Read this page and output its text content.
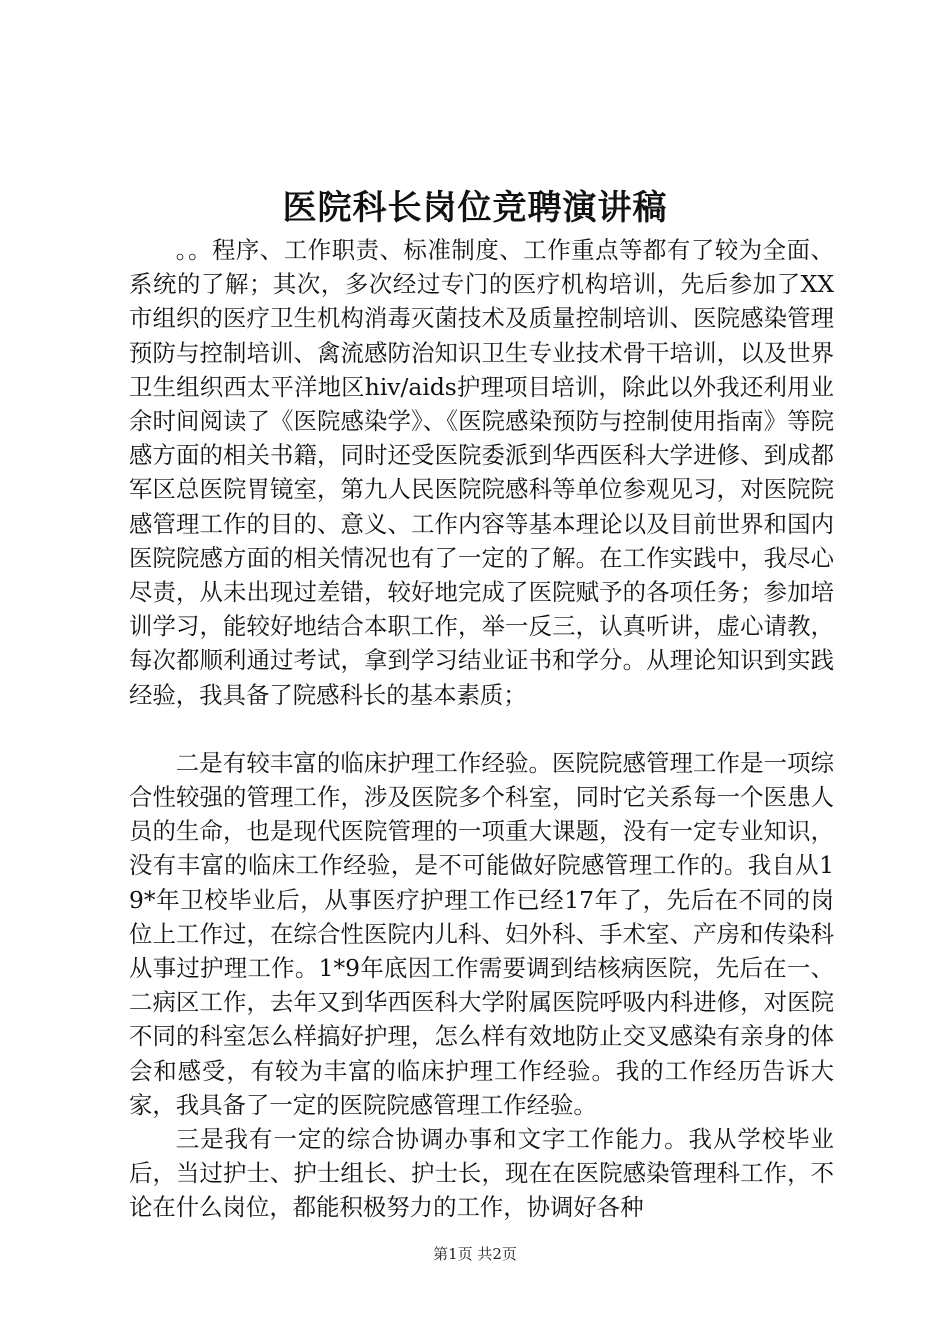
医院科长岗位竞聘演讲稿

。。程序、工作职责、标准制度、工作重点等都有了较为全面、系统的了解；其次，多次经过专门的医疗机构培训，先后参加了XX市组织的医疗卫生机构消毒灭菌技术及质量控制培训、医院感染管理预防与控制培训、禽流感防治知识卫生专业技术骨干培训，以及世界卫生组织西太平洋地区hiv/aids护理项目培训，除此以外我还利用业余时间阅读了《医院感染学》、《医院感染预防与控制使用指南》等院感方面的相关书籍，同时还受医院委派到华西医科大学进修、到成都军区总医院胃镜室，第九人民医院院感科等单位参观见习，对医院院感管理工作的目的、意义、工作内容等基本理论以及目前世界和国内医院院感方面的相关情况也有了一定的了解。在工作实践中，我尽心尽责，从未出现过差错，较好地完成了医院赋予的各项任务；参加培训学习，能较好地结合本职工作，举一反三，认真听讲，虚心请教，每次都顺利通过考试，拿到学习结业证书和学分。从理论知识到实践经验，我具备了院感科长的基本素质；

二是有较丰富的临床护理工作经验。医院院感管理工作是一项综合性较强的管理工作，涉及医院多个科室，同时它关系每一个医患人员的生命，也是现代医院管理的一项重大课题，没有一定专业知识，没有丰富的临床工作经验，是不可能做好院感管理工作的。我自从19*年卫校毕业后，从事医疗护理工作已经17年了，先后在不同的岗位上工作过，在综合性医院内儿科、妇外科、手术室、产房和传染科从事过护理工作。1*9年底因工作需要调到结核病医院，先后在一、二病区工作，去年又到华西医科大学附属医院呼吸内科进修，对医院不同的科室怎么样搞好护理，怎么样有效地防止交叉感染有亲身的体会和感受，有较为丰富的临床护理工作经验。我的工作经历告诉大家，我具备了一定的医院院感管理工作经验。

三是我有一定的综合协调办事和文字工作能力。我从学校毕业后，当过护士、护士组长、护士长，现在在医院感染管理科工作，不论在什么岗位，都能积极努力的工作，协调好各种

第1页 共2页
